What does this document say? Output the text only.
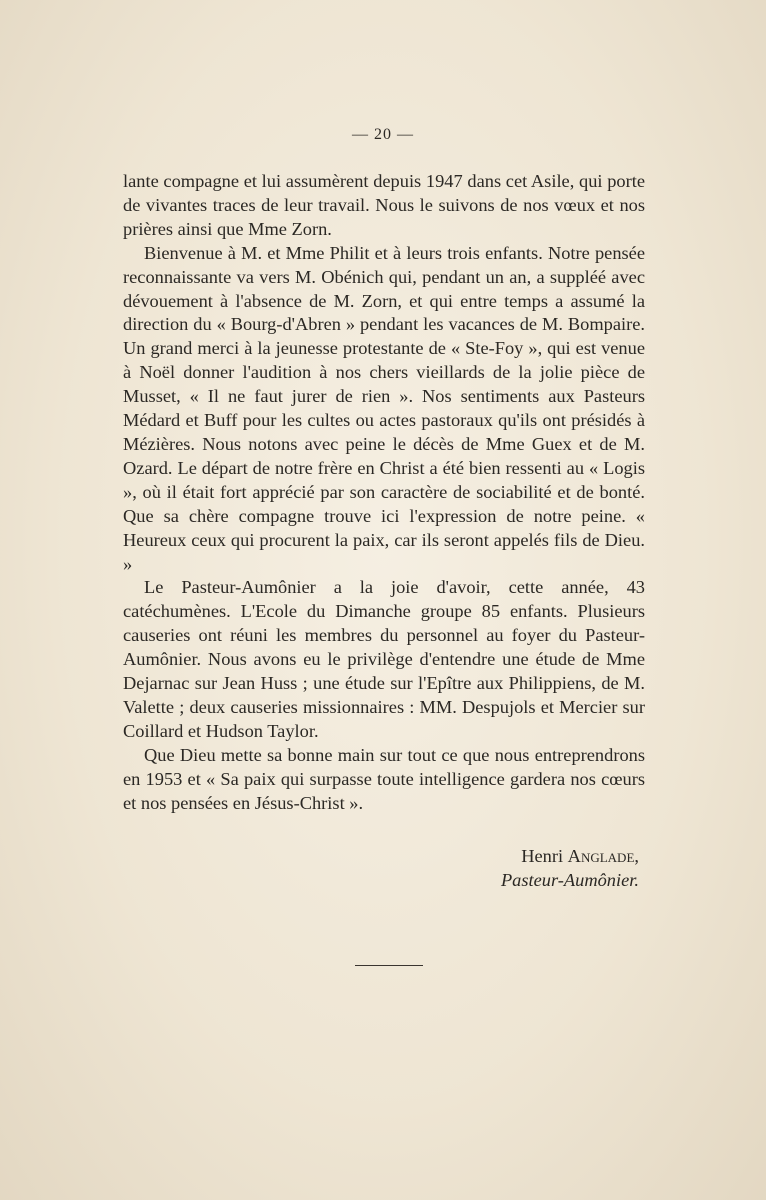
— 20 —

lante compagne et lui assumèrent depuis 1947 dans cet Asile, qui porte de vivantes traces de leur travail. Nous le suivons de nos vœux et nos prières ainsi que Mme Zorn.

Bienvenue à M. et Mme Philit et à leurs trois enfants. Notre pensée reconnaissante va vers M. Obénich qui, pendant un an, a suppléé avec dévouement à l'absence de M. Zorn, et qui entre temps a assumé la direction du « Bourg-d'Abren » pendant les vacances de M. Bompaire. Un grand merci à la jeunesse protestante de « Ste-Foy », qui est venue à Noël donner l'audition à nos chers vieillards de la jolie pièce de Musset, « Il ne faut jurer de rien ». Nos sentiments aux Pasteurs Médard et Buff pour les cultes ou actes pastoraux qu'ils ont présidés à Mézières. Nous notons avec peine le décès de Mme Guex et de M. Ozard. Le départ de notre frère en Christ a été bien ressenti au « Logis », où il était fort apprécié par son caractère de sociabilité et de bonté. Que sa chère compagne trouve ici l'expression de notre peine. « Heureux ceux qui procurent la paix, car ils seront appelés fils de Dieu. »

Le Pasteur-Aumônier a la joie d'avoir, cette année, 43 catéchumènes. L'Ecole du Dimanche groupe 85 enfants. Plusieurs causeries ont réuni les membres du personnel au foyer du Pasteur-Aumônier. Nous avons eu le privilège d'entendre une étude de Mme Dejarnac sur Jean Huss ; une étude sur l'Epître aux Philippiens, de M. Valette ; deux causeries missionnaires : MM. Despujols et Mercier sur Coillard et Hudson Taylor.

Que Dieu mette sa bonne main sur tout ce que nous entreprendrons en 1953 et « Sa paix qui surpasse toute intelligence gardera nos cœurs et nos pensées en Jésus-Christ ».

Henri Anglade,
Pasteur-Aumônier.
